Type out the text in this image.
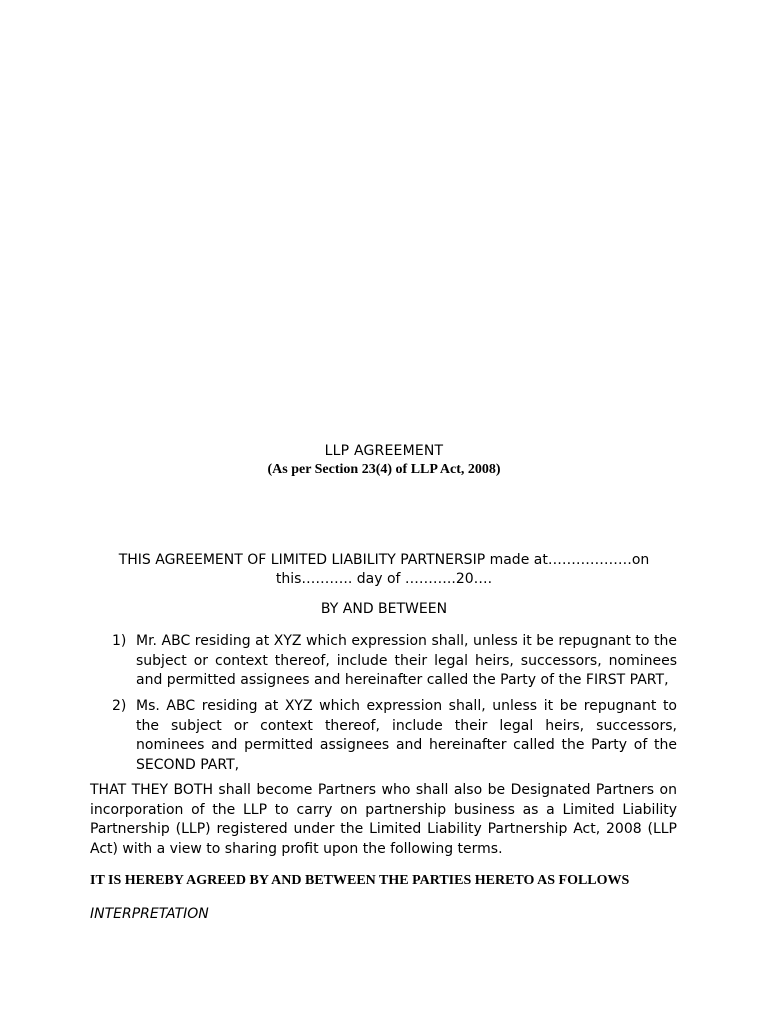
LLP AGREEMENT
(As per Section 23(4) of LLP Act, 2008)
THIS AGREEMENT OF LIMITED LIABILITY PARTNERSIP made at………………on this……….. day of ………..20….
BY AND BETWEEN
1) Mr. ABC residing at XYZ which expression shall, unless it be repugnant to the subject or context thereof, include their legal heirs, successors, nominees and permitted assignees and hereinafter called the Party of the FIRST PART,
2) Ms. ABC residing at XYZ which expression shall, unless it be repugnant to the subject or context thereof, include their legal heirs, successors, nominees and permitted assignees and hereinafter called the Party of the SECOND PART,
THAT THEY BOTH shall become Partners who shall also be Designated Partners on incorporation of the LLP to carry on partnership business as a Limited Liability Partnership (LLP) registered under the Limited Liability Partnership Act, 2008 (LLP Act) with a view to sharing profit upon the following terms.
IT IS HEREBY AGREED BY AND BETWEEN THE PARTIES HERETO AS FOLLOWS
INTERPRETATION
